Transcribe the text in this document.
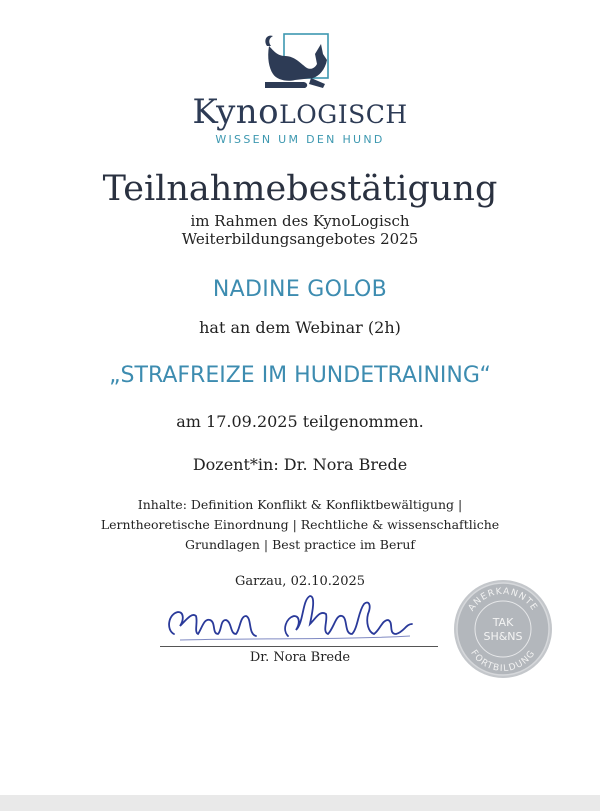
KynoLOGISCH
WISSEN UM DEN HUND
Teilnahmebestätigung
im Rahmen des KynoLogisch
Weiterbildungsangebotes 2025
NADINE GOLOB
hat an dem Webinar (2h)
„STRAFREIZE IM HUNDETRAINING“
am 17.09.2025 teilgenommen.
Dozent*in: Dr. Nora Brede
Inhalte: Definition Konflikt & Konfliktbewältigung |
Lerntheoretische Einordnung | Rechtliche & wissenschaftliche
Grundlagen | Best practice im Beruf
Garzau, 02.10.2025
Dr. Nora Brede
ANERKANNTE
FORTBILDUNG
TAK
SH&NS
